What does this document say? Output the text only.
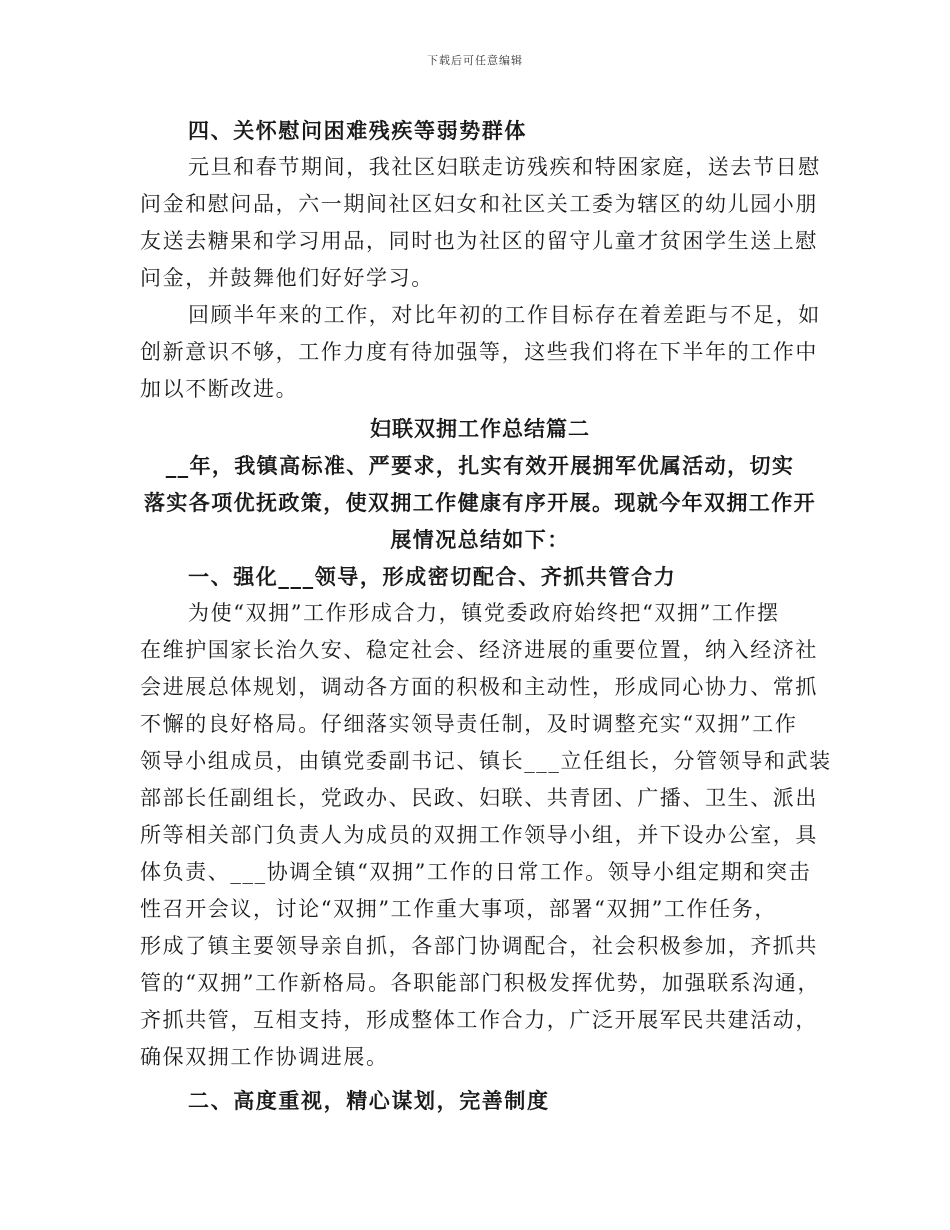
下载后可任意编辑
四、关怀慰问困难残疾等弱势群体
元旦和春节期间，我社区妇联走访残疾和特困家庭，送去节日慰
问金和慰问品，六一期间社区妇女和社区关工委为辖区的幼儿园小朋
友送去糖果和学习用品，同时也为社区的留守儿童才贫困学生送上慰
问金，并鼓舞他们好好学习。
回顾半年来的工作，对比年初的工作目标存在着差距与不足，如
创新意识不够，工作力度有待加强等，这些我们将在下半年的工作中
加以不断改进。
妇联双拥工作总结篇二
__年，我镇高标准、严要求，扎实有效开展拥军优属活动，切实
落实各项优抚政策，使双拥工作健康有序开展。现就今年双拥工作开
展情况总结如下：
一、强化___领导，形成密切配合、齐抓共管合力
为使“双拥”工作形成合力，镇党委政府始终把“双拥”工作摆
在维护国家长治久安、稳定社会、经济进展的重要位置，纳入经济社
会进展总体规划，调动各方面的积极和主动性，形成同心协力、常抓
不懈的良好格局。仔细落实领导责任制，及时调整充实“双拥”工作
领导小组成员，由镇党委副书记、镇长___立任组长，分管领导和武装
部部长任副组长，党政办、民政、妇联、共青团、广播、卫生、派出
所等相关部门负责人为成员的双拥工作领导小组，并下设办公室，具
体负责、___协调全镇“双拥”工作的日常工作。领导小组定期和突击
性召开会议，讨论“双拥”工作重大事项，部署“双拥”工作任务，
形成了镇主要领导亲自抓，各部门协调配合，社会积极参加，齐抓共
管的“双拥”工作新格局。各职能部门积极发挥优势，加强联系沟通，
齐抓共管，互相支持，形成整体工作合力，广泛开展军民共建活动，
确保双拥工作协调进展。
二、高度重视，精心谋划，完善制度
